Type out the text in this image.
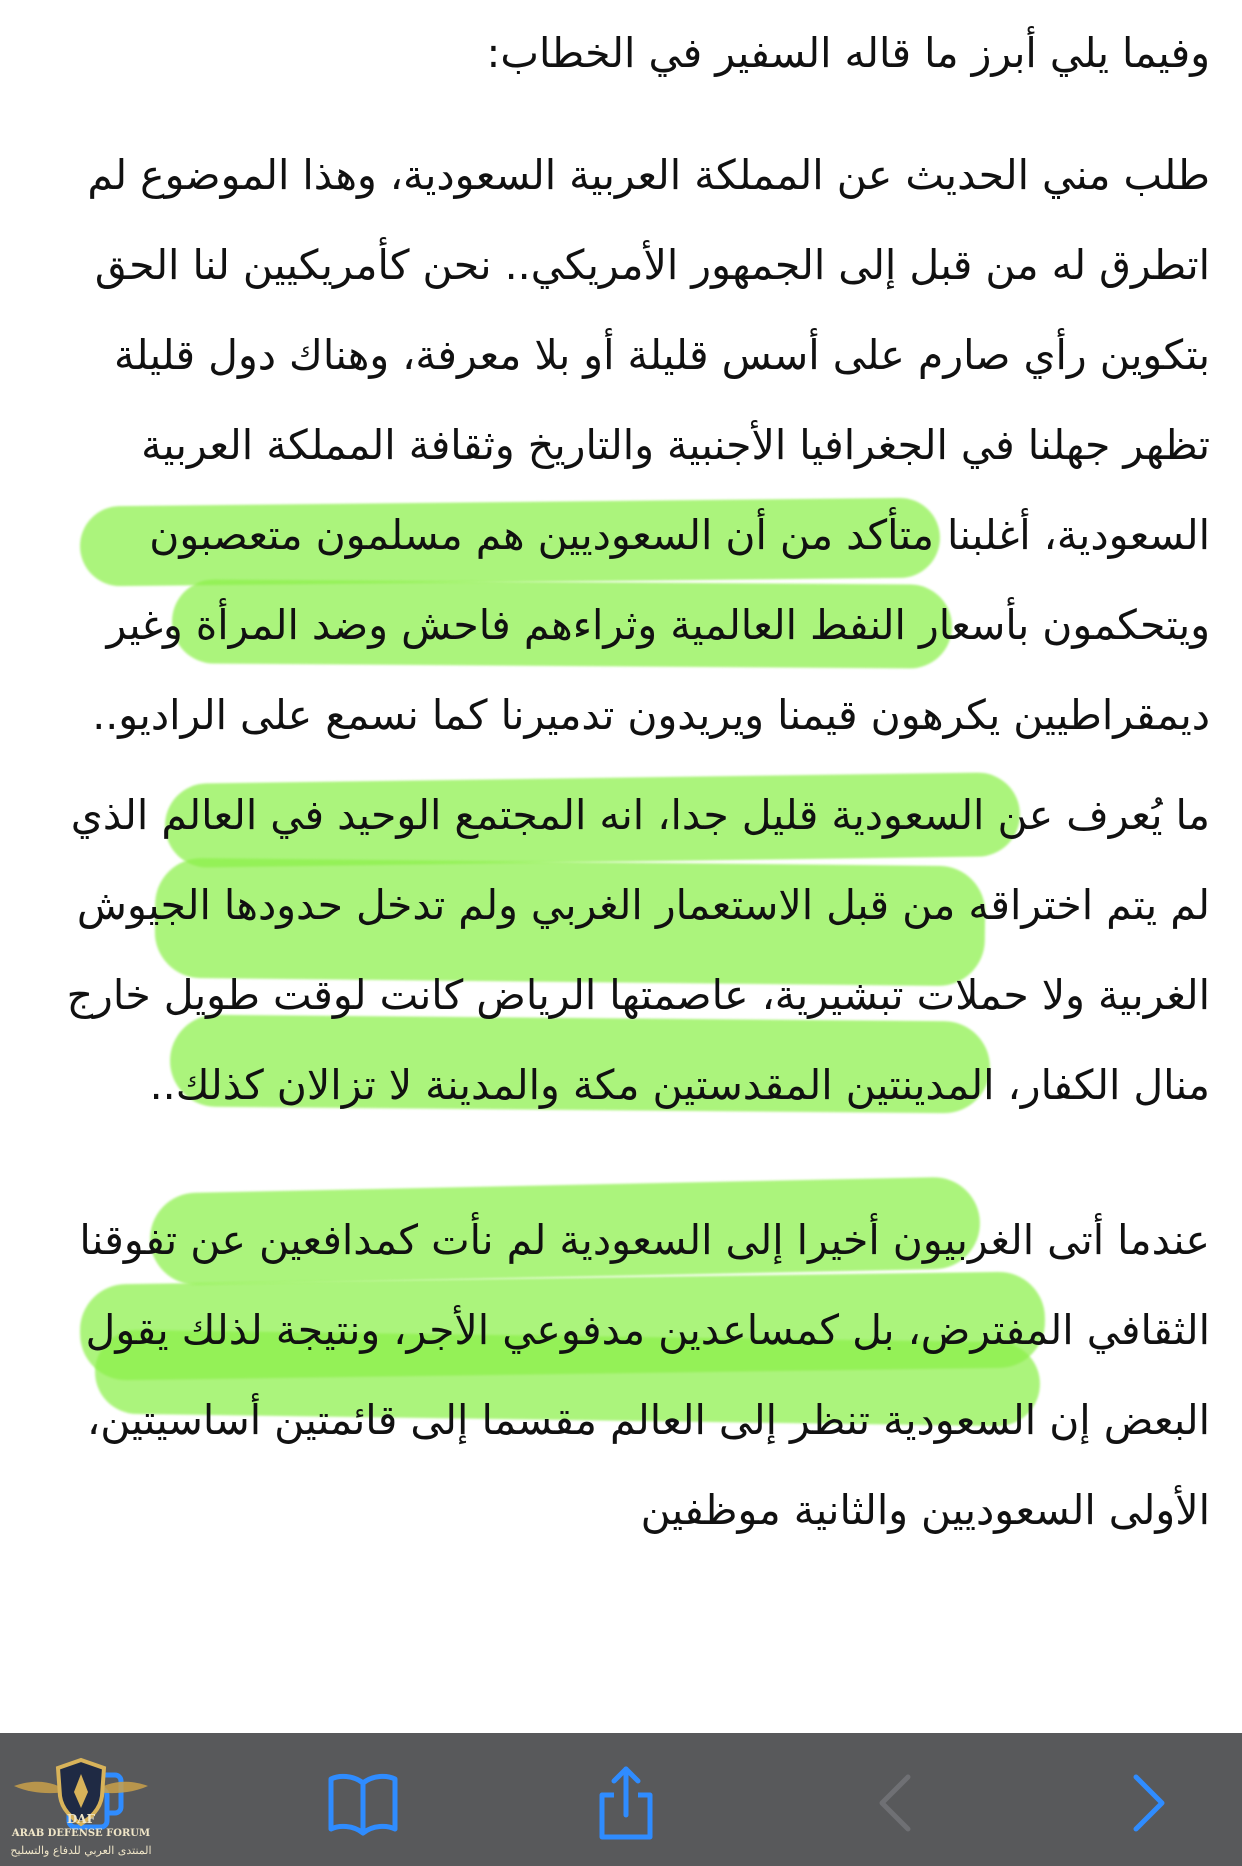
وفيما يلي أبرز ما قاله السفير في الخطاب:

طلب مني الحديث عن المملكة العربية السعودية، وهذا الموضوع لم اتطرق له من قبل إلى الجمهور الأمريكي.. نحن كأمريكيين لنا الحق بتكوين رأي صارم على أسس قليلة أو بلا معرفة، وهناك دول قليلة تظهر جهلنا في الجغرافيا الأجنبية والتاريخ وثقافة المملكة العربية السعودية، أغلبنا متأكد من أن السعوديين هم مسلمون متعصبون ويتحكمون بأسعار النفط العالمية وثراءهم فاحش وضد المرأة وغير ديمقراطيين يكرهون قيمنا ويريدون تدميرنا كما نسمع على الراديو..

ما يُعرف عن السعودية قليل جدا، انه المجتمع الوحيد في العالم الذي لم يتم اختراقه من قبل الاستعمار الغربي ولم تدخل حدودها الجيوش الغربية ولا حملات تبشيرية، عاصمتها الرياض كانت لوقت طويل خارج منال الكفار، المدينتين المقدستين مكة والمدينة لا تزالان كذلك..

عندما أتى الغربيون أخيرا إلى السعودية لم نأت كمدافعين عن تفوقنا الثقافي المفترض، بل كمساعدين مدفوعي الأجر، ونتيجة لذلك يقول البعض إن السعودية تنظر إلى العالم مقسما إلى قائمتين أساسيتين، الأولى السعوديين والثانية موظفين

DAF
ARAB DEFENSE FORUM
المنتدى العربي للدفاع والتسليح
